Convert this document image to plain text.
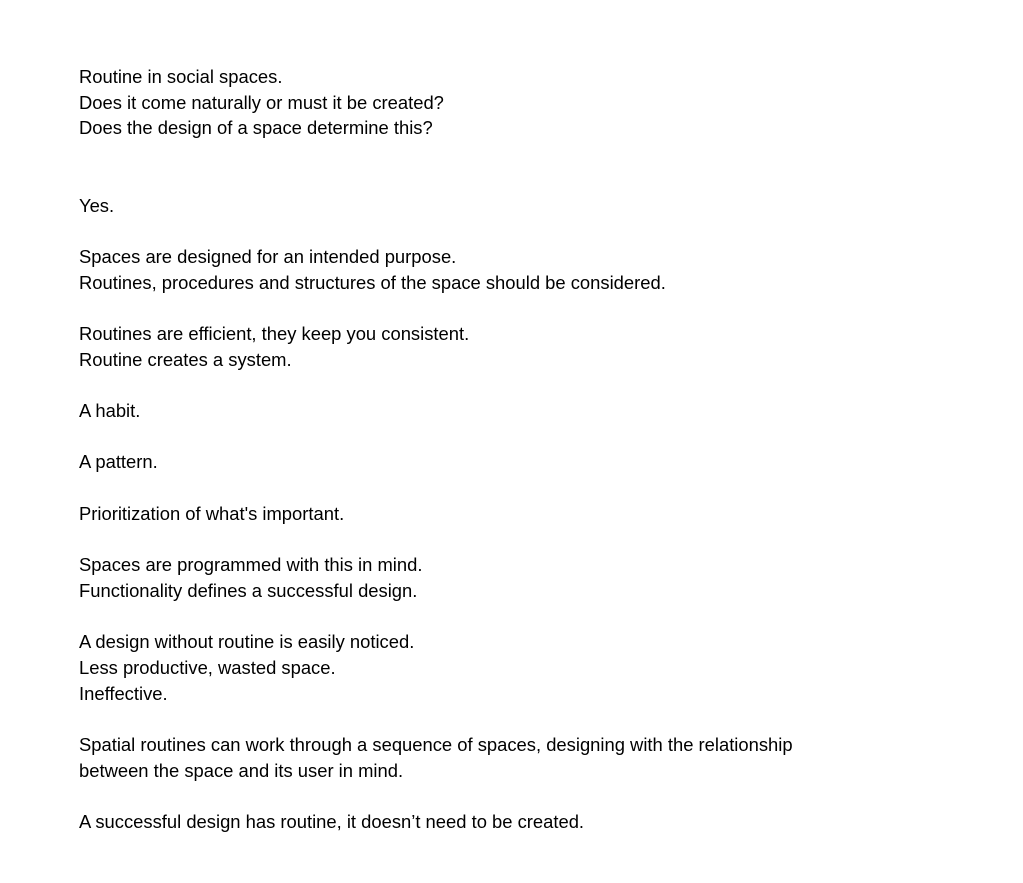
Routine in social spaces.
Does it come naturally or must it be created?
Does the design of a space determine this?
Yes.
Spaces are designed for an intended purpose.
Routines, procedures and structures of the space should be considered.
Routines are efficient, they keep you consistent.
Routine creates a system.
A habit.
A pattern.
Prioritization of what's important.
Spaces are programmed with this in mind.
Functionality defines a successful design.
A design without routine is easily noticed.
Less productive, wasted space.
Ineffective.
Spatial routines can work through a sequence of spaces, designing with the relationship
between the space and its user in mind.
A successful design has routine, it doesn’t need to be created.
